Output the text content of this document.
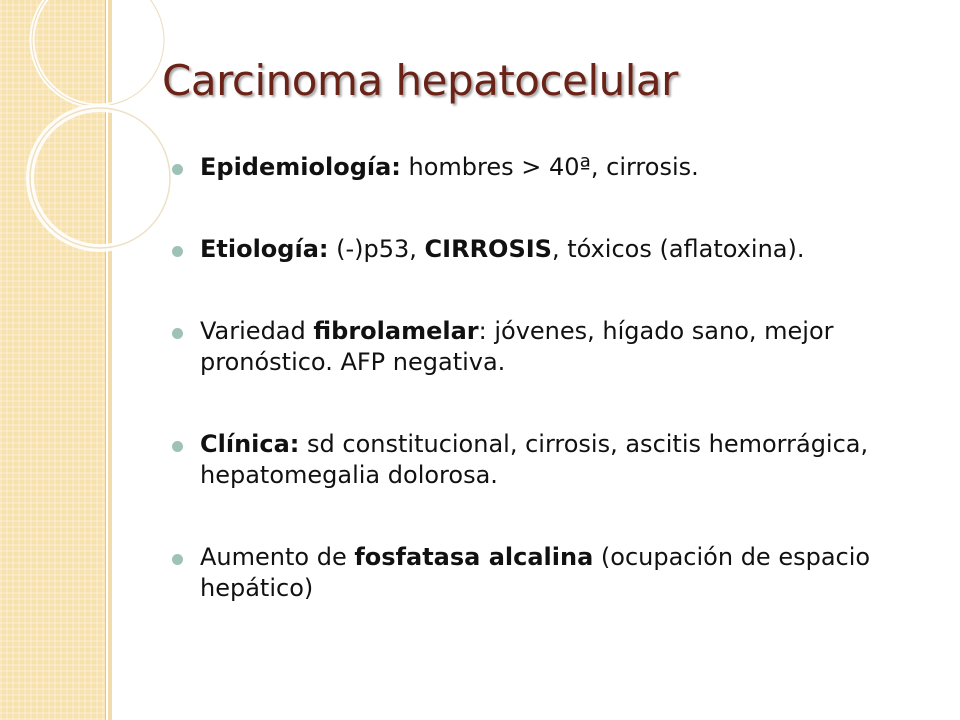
Carcinoma hepatocelular
Epidemiología: hombres > 40ª, cirrosis.
Etiología: (-)p53, CIRROSIS, tóxicos (aflatoxina).
Variedad fibrolamelar: jóvenes, hígado sano, mejor pronóstico. AFP negativa.
Clínica: sd constitucional, cirrosis, ascitis hemorrágica, hepatomegalia dolorosa.
Aumento de fosfatasa alcalina (ocupación de espacio hepático)
